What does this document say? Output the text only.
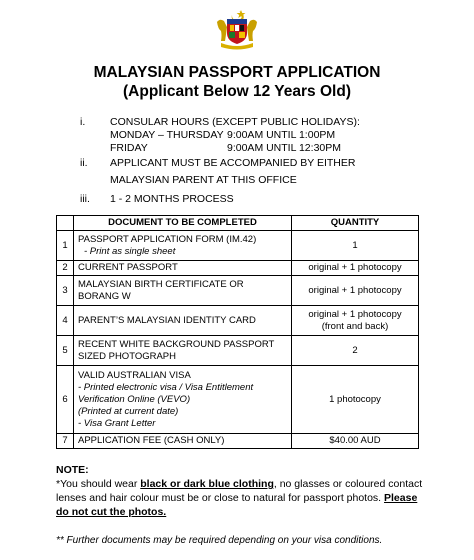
MALAYSIAN PASSPORT APPLICATION
(Applicant Below 12 Years Old)
i. CONSULAR HOURS (EXCEPT PUBLIC HOLIDAYS):
MONDAY – THURSDAY 9:00AM UNTIL 1:00PM
FRIDAY	9:00AM UNTIL 12:30PM
ii. APPLICANT MUST BE ACCOMPANIED BY EITHER
MALAYSIAN PARENT AT THIS OFFICE
iii. 1 - 2 MONTHS PROCESS
	DOCUMENT TO BE COMPLETED	QUANTITY
1	PASSPORT APPLICATION FORM (IM.42)
- Print as single sheet	1
2	CURRENT PASSPORT	original + 1 photocopy
3	MALAYSIAN BIRTH CERTIFICATE OR
BORANG W	original + 1 photocopy
4	PARENT’S MALAYSIAN IDENTITY CARD	original + 1 photocopy
(front and back)

5	RECENT WHITE BACKGROUND PASSPORT
SIZED PHOTOGRAPH	2
6	VALID AUSTRALIAN VISA
- Printed electronic visa / Visa Entitlement
Verification Online (VEVO)
(Printed at current date)
- Visa Grant Letter	1 photocopy
7	APPLICATION FEE (CASH ONLY)	$40.00 AUD
NOTE:
*You should wear black or dark blue clothing, no glasses or coloured contact lenses and hair colour must be or close to natural for passport photos. Please do not cut the photos.
** Further documents may be required depending on your visa conditions.
